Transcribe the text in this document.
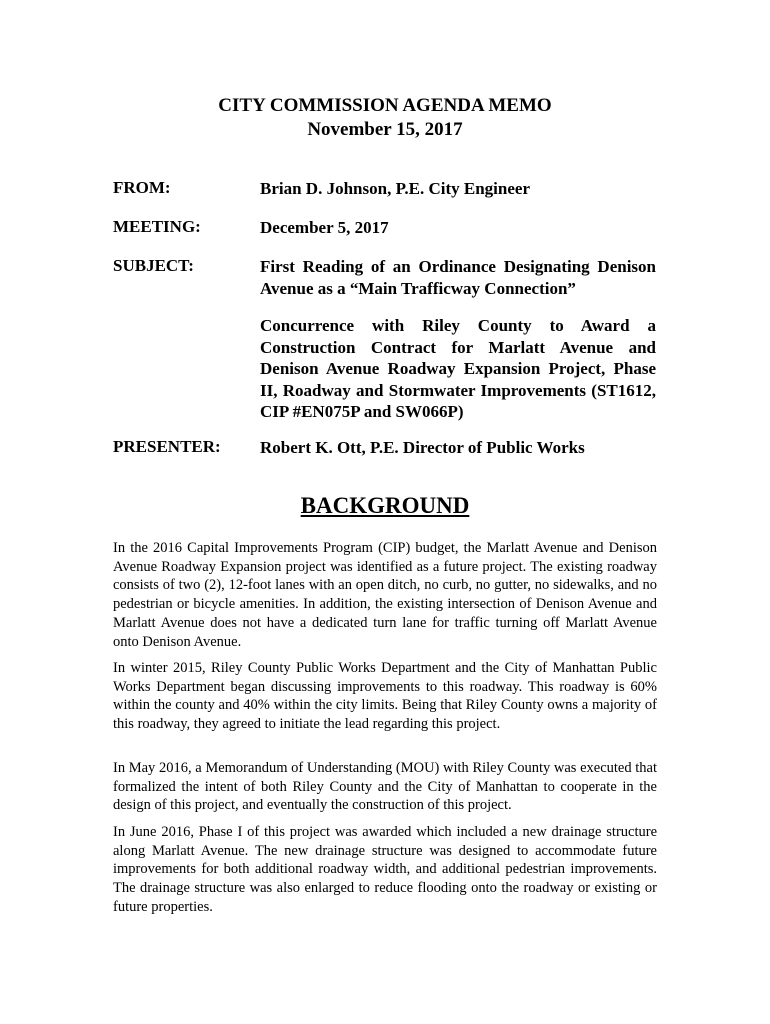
CITY COMMISSION AGENDA MEMO
November 15, 2017
FROM:	Brian D. Johnson, P.E. City Engineer
MEETING:	December 5, 2017
SUBJECT:	First Reading of an Ordinance Designating Denison Avenue as a “Main Trafficway Connection”
Concurrence with Riley County to Award a Construction Contract for Marlatt Avenue and Denison Avenue Roadway Expansion Project, Phase II, Roadway and Stormwater Improvements (ST1612, CIP #EN075P and SW066P)
PRESENTER: Robert K. Ott, P.E. Director of Public Works
BACKGROUND
In the 2016 Capital Improvements Program (CIP) budget, the Marlatt Avenue and Denison Avenue Roadway Expansion project was identified as a future project. The existing roadway consists of two (2), 12-foot lanes with an open ditch, no curb, no gutter, no sidewalks, and no pedestrian or bicycle amenities. In addition, the existing intersection of Denison Avenue and Marlatt Avenue does not have a dedicated turn lane for traffic turning off Marlatt Avenue onto Denison Avenue.
In winter 2015, Riley County Public Works Department and the City of Manhattan Public Works Department began discussing improvements to this roadway. This roadway is 60% within the county and 40% within the city limits. Being that Riley County owns a majority of this roadway, they agreed to initiate the lead regarding this project.
In May 2016, a Memorandum of Understanding (MOU) with Riley County was executed that formalized the intent of both Riley County and the City of Manhattan to cooperate in the design of this project, and eventually the construction of this project.
In June 2016, Phase I of this project was awarded which included a new drainage structure along Marlatt Avenue. The new drainage structure was designed to accommodate future improvements for both additional roadway width, and additional pedestrian improvements. The drainage structure was also enlarged to reduce flooding onto the roadway or existing or future properties.
